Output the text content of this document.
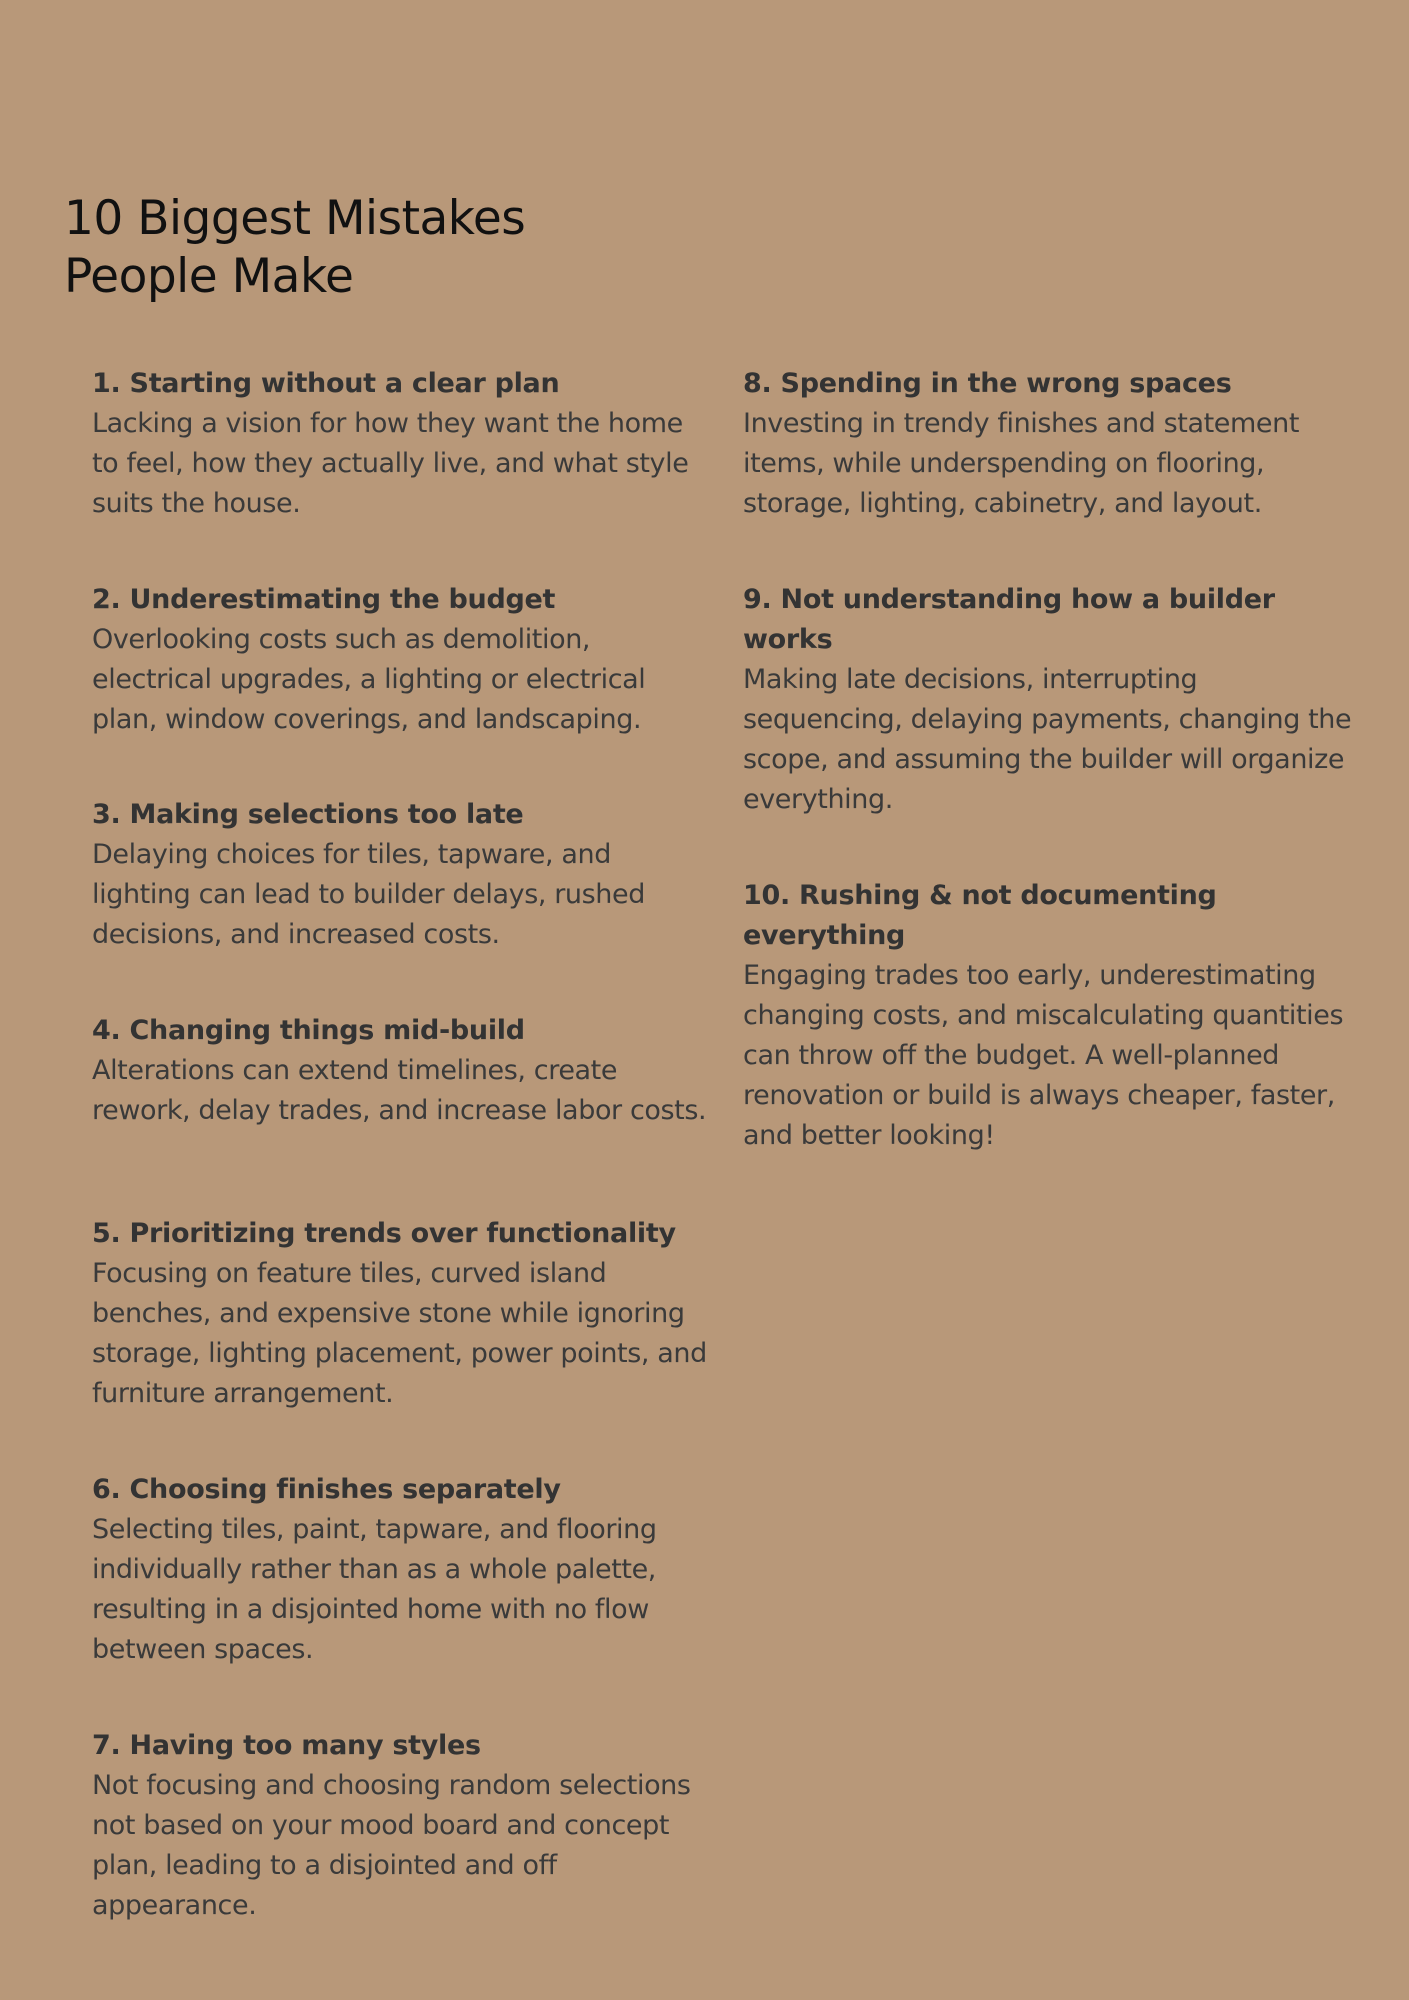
10 Biggest Mistakes
People Make
1. Starting without a clear plan
Lacking a vision for how they want the home to feel, how they actually live, and what style suits the house.
2. Underestimating the budget
Overlooking costs such as demolition, electrical upgrades, a lighting or electrical plan, window coverings, and landscaping.
3. Making selections too late
Delaying choices for tiles, tapware, and lighting can lead to builder delays, rushed decisions, and increased costs.
4. Changing things mid-build
Alterations can extend timelines, create rework, delay trades, and increase labor costs.
5. Prioritizing trends over functionality
Focusing on feature tiles, curved island benches, and expensive stone while ignoring storage, lighting placement, power points, and furniture arrangement.
6. Choosing finishes separately
Selecting tiles, paint, tapware, and flooring individually rather than as a whole palette, resulting in a disjointed home with no flow between spaces.
7. Having too many styles
Not focusing and choosing random selections not based on your mood board and concept plan, leading to a disjointed and off appearance.
8. Spending in the wrong spaces
Investing in trendy finishes and statement items, while underspending on flooring, storage, lighting, cabinetry, and layout.
9. Not understanding how a builder works
Making late decisions, interrupting sequencing, delaying payments, changing the scope, and assuming the builder will organize everything.
10. Rushing & not documenting everything
Engaging trades too early, underestimating changing costs, and miscalculating quantities can throw off the budget. A well-planned renovation or build is always cheaper, faster, and better looking!
